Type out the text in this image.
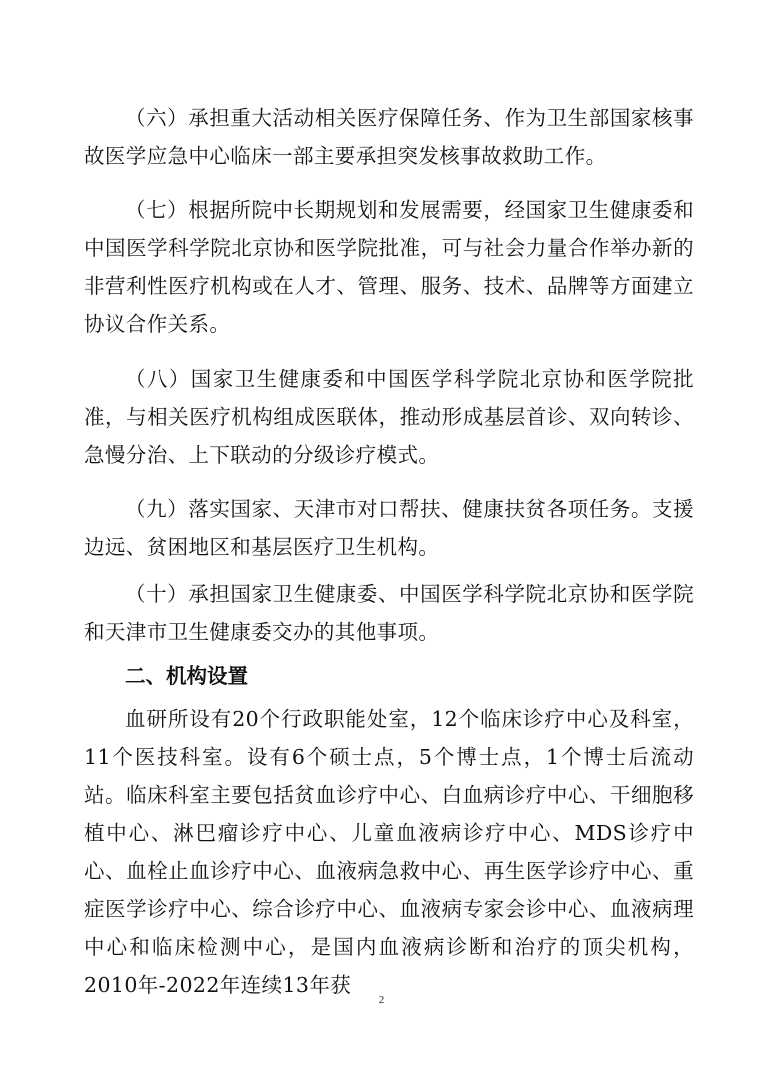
（六）承担重大活动相关医疗保障任务、作为卫生部国家核事故医学应急中心临床一部主要承担突发核事故救助工作。

（七）根据所院中长期规划和发展需要，经国家卫生健康委和中国医学科学院北京协和医学院批准，可与社会力量合作举办新的非营利性医疗机构或在人才、管理、服务、技术、品牌等方面建立协议合作关系。

（八）国家卫生健康委和中国医学科学院北京协和医学院批准，与相关医疗机构组成医联体，推动形成基层首诊、双向转诊、急慢分治、上下联动的分级诊疗模式。

（九）落实国家、天津市对口帮扶、健康扶贫各项任务。支援边远、贫困地区和基层医疗卫生机构。

（十）承担国家卫生健康委、中国医学科学院北京协和医学院和天津市卫生健康委交办的其他事项。

二、机构设置

血研所设有20个行政职能处室，12个临床诊疗中心及科室，11个医技科室。设有6个硕士点，5个博士点，1个博士后流动站。临床科室主要包括贫血诊疗中心、白血病诊疗中心、干细胞移植中心、淋巴瘤诊疗中心、儿童血液病诊疗中心、MDS诊疗中心、血栓止血诊疗中心、血液病急救中心、再生医学诊疗中心、重症医学诊疗中心、综合诊疗中心、血液病专家会诊中心、血液病理中心和临床检测中心，是国内血液病诊断和治疗的顶尖机构，2010年-2022年连续13年获

2
